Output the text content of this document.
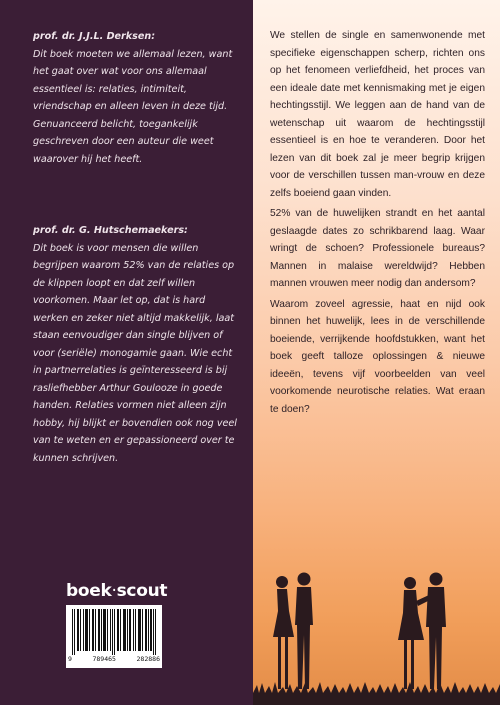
prof. dr. J.J.L. Derksen:
Dit boek moeten we allemaal lezen, want het gaat over wat voor ons allemaal essentieel is: relaties, intimiteit, vriendschap en alleen leven in deze tijd. Genuanceerd belicht, toegankelijk geschreven door een auteur die weet waarover hij het heeft.
prof. dr. G. Hutschemaekers:
Dit boek is voor mensen die willen begrijpen waarom 52% van de relaties op de klippen loopt en dat zelf willen voorkomen. Maar let op, dat is hard werken en zeker niet altijd makkelijk, laat staan eenvoudiger dan single blijven of voor (seriële) monogamie gaan. Wie echt in partnerrelaties is geïnteresseerd is bij rasliefhebber Arthur Goulooze in goede handen. Relaties vormen niet alleen zijn hobby, hij blijkt er bovendien ook nog veel van te weten en er gepassioneerd over te kunnen schrijven.
boek·scout
9	789465	282886

We stellen de single en samenwonende met specifieke eigenschappen scherp, richten ons op het fenomeen verliefdheid, het proces van een ideale date met kennismaking met je eigen hechtingsstijl. We leggen aan de hand van de wetenschap uit waarom de hechtingsstijl essentieel is en hoe te veranderen. Door het lezen van dit boek zal je meer begrip krijgen voor de verschillen tussen man-vrouw en deze zelfs boeiend gaan vinden.

52% van de huwelijken strandt en het aantal geslaagde dates zo schrikbarend laag. Waar wringt de schoen? Professionele bureaus? Mannen in malaise wereldwijd? Hebben mannen vrouwen meer nodig dan andersom?

Waarom zoveel agressie, haat en nijd ook binnen het huwelijk, lees in de verschillende boeiende, verrijkende hoofdstukken, want het boek geeft talloze oplossingen & nieuwe ideeën, tevens vijf voorbeelden van veel voorkomende neurotische relaties. Wat eraan te doen?
